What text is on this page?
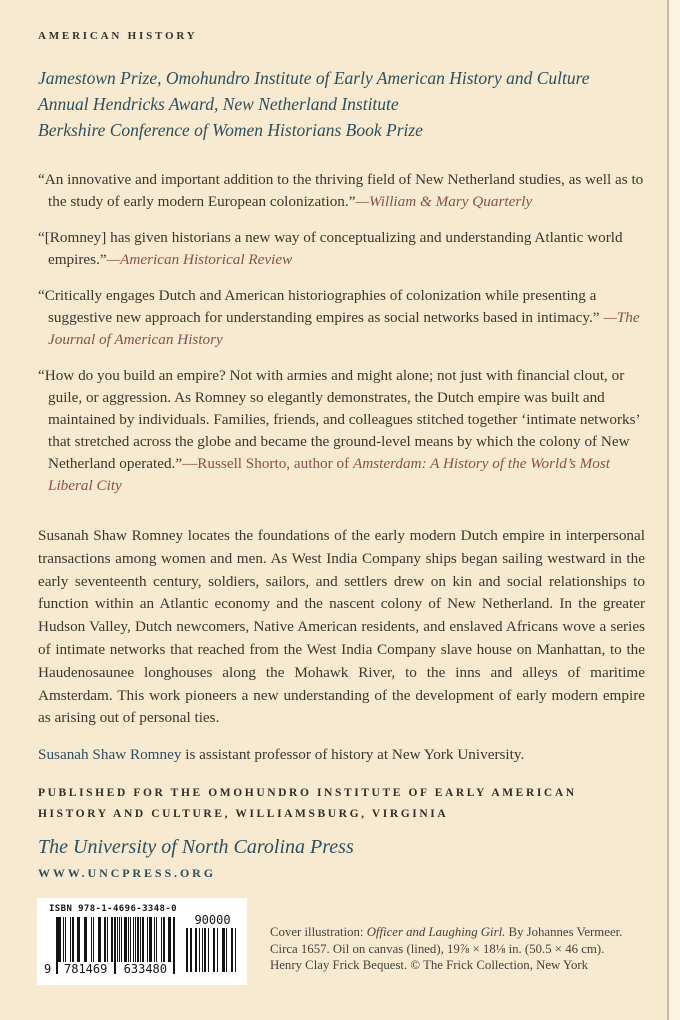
AMERICAN HISTORY
Jamestown Prize, Omohundro Institute of Early American History and Culture
Annual Hendricks Award, New Netherland Institute
Berkshire Conference of Women Historians Book Prize

“An innovative and important addition to the thriving field of New Netherland studies, as well as to the study of early modern European colonization.”—William & Mary Quarterly

“[Romney] has given historians a new way of conceptualizing and understanding Atlantic world empires.”—American Historical Review

“Critically engages Dutch and American historiographies of colonization while presenting a suggestive new approach for understanding empires as social networks based in intimacy.” —The Journal of American History

“How do you build an empire? Not with armies and might alone; not just with financial clout, or guile, or aggression. As Romney so elegantly demonstrates, the Dutch empire was built and maintained by individuals. Families, friends, and colleagues stitched together ‘intimate networks’ that stretched across the globe and became the ground-level means by which the colony of New Netherland operated.”—Russell Shorto, author of Amsterdam: A History of the World’s Most Liberal City

Susanah Shaw Romney locates the foundations of the early modern Dutch empire in interpersonal transactions among women and men. As West India Company ships began sailing westward in the early seventeenth century, soldiers, sailors, and settlers drew on kin and social relationships to function within an Atlantic economy and the nascent colony of New Netherland. In the greater Hudson Valley, Dutch newcomers, Native American residents, and enslaved Africans wove a series of intimate networks that reached from the West India Company slave house on Manhattan, to the Haudenosaunee longhouses along the Mohawk River, to the inns and alleys of maritime Amsterdam. This work pioneers a new understanding of the development of early modern empire as arising out of personal ties.

Susanah Shaw Romney is assistant professor of history at New York University.

PUBLISHED FOR THE OMOHUNDRO INSTITUTE OF EARLY AMERICAN
HISTORY AND CULTURE, WILLIAMSBURG, VIRGINIA
The University of North Carolina Press
WWW.UNCPRESS.ORG
ISBN 978-1-4696-3348-0
9 781469 633480
90000
Cover illustration: Officer and Laughing Girl. By Johannes Vermeer.
Circa 1657. Oil on canvas (lined), 19⅞ × 18⅛ in. (50.5 × 46 cm).
Henry Clay Frick Bequest. © The Frick Collection, New York
